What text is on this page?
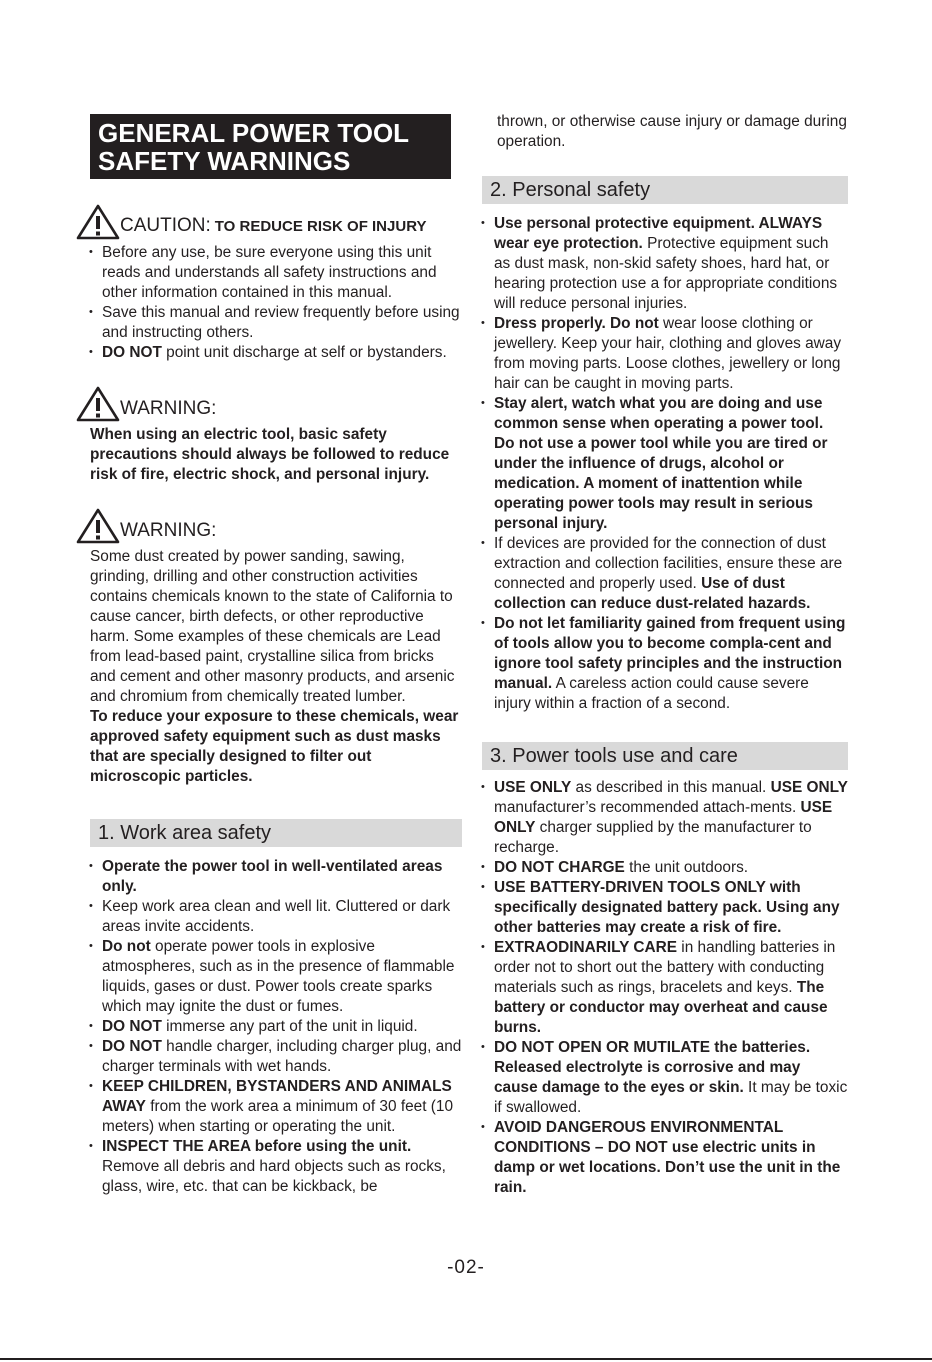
GENERAL POWER TOOL
SAFETY WARNINGS
CAUTION: TO REDUCE RISK OF INJURY
• Before any use, be sure everyone using this unit reads and understands all safety instructions and other information contained in this manual.
• Save this manual and review frequently before using and instructing others.
• DO NOT point unit discharge at self or bystanders.
WARNING:

When using an electric tool, basic safety precautions should always be followed to reduce risk of fire, electric shock, and personal injury.

WARNING:

Some dust created by power sanding, sawing, grinding, drilling and other construction activities contains chemicals known to the state of California to cause cancer, birth defects, or other reproductive harm. Some examples of these chemicals are Lead from lead-based paint, crystalline silica from bricks and cement and other masonry products, and arsenic and chromium from chemically treated lumber.

To reduce your exposure to these chemicals, wear approved safety equipment such as dust masks that are specially designed to filter out microscopic particles.

1. Work area safety
• Operate the power tool in well-ventilated areas only.
• Keep work area clean and well lit. Cluttered or dark areas invite accidents.
• Do not operate power tools in explosive atmospheres, such as in the presence of flammable liquids, gases or dust. Power tools create sparks which may ignite the dust or fumes.
• DO NOT immerse any part of the unit in liquid.
• DO NOT handle charger, including charger plug, and charger terminals with wet hands.
• KEEP CHILDREN, BYSTANDERS AND ANIMALS AWAY from the work area a minimum of 30 feet (10 meters) when starting or operating the unit.
• INSPECT THE AREA before using the unit. Remove all debris and hard objects such as rocks, glass, wire, etc. that can be kickback, be

thrown, or otherwise cause injury or damage during operation.

2. Personal safety
• Use personal protective equipment. ALWAYS wear eye protection. Protective equipment such as dust mask, non-skid safety shoes, hard hat, or hearing protection use a for appropriate conditions will reduce personal injuries.
• Dress properly. Do not wear loose clothing or jewellery. Keep your hair, clothing and gloves away from moving parts. Loose clothes, jewellery or long hair can be caught in moving parts.
• Stay alert, watch what you are doing and use common sense when operating a power tool. Do not use a power tool while you are tired or under the influence of drugs, alcohol or medication. A moment of inattention while operating power tools may result in serious personal injury.
• If devices are provided for the connection of dust extraction and collection facilities, ensure these are connected and properly used. Use of dust collection can reduce dust-related hazards.
• Do not let familiarity gained from frequent using of tools allow you to become compla-cent and ignore tool safety principles and the instruction manual. A careless action could cause severe injury within a fraction of a second.
3. Power tools use and care
• USE ONLY as described in this manual. USE ONLY manufacturer’s recommended attach-ments. USE ONLY charger supplied by the manufacturer to recharge.
• DO NOT CHARGE the unit outdoors.
• USE BATTERY-DRIVEN TOOLS ONLY with specifically designated battery pack. Using any other batteries may create a risk of fire.
• EXTRAODINARILY CARE in handling batteries in order not to short out the battery with conducting materials such as rings, bracelets and keys. The battery or conductor may overheat and cause burns.
• DO NOT OPEN OR MUTILATE the batteries. Released electrolyte is corrosive and may cause damage to the eyes or skin. It may be toxic if swallowed.
• AVOID DANGEROUS ENVIRONMENTAL CONDITIONS – DO NOT use electric units in damp or wet locations. Don’t use the unit in the rain.
-02-
